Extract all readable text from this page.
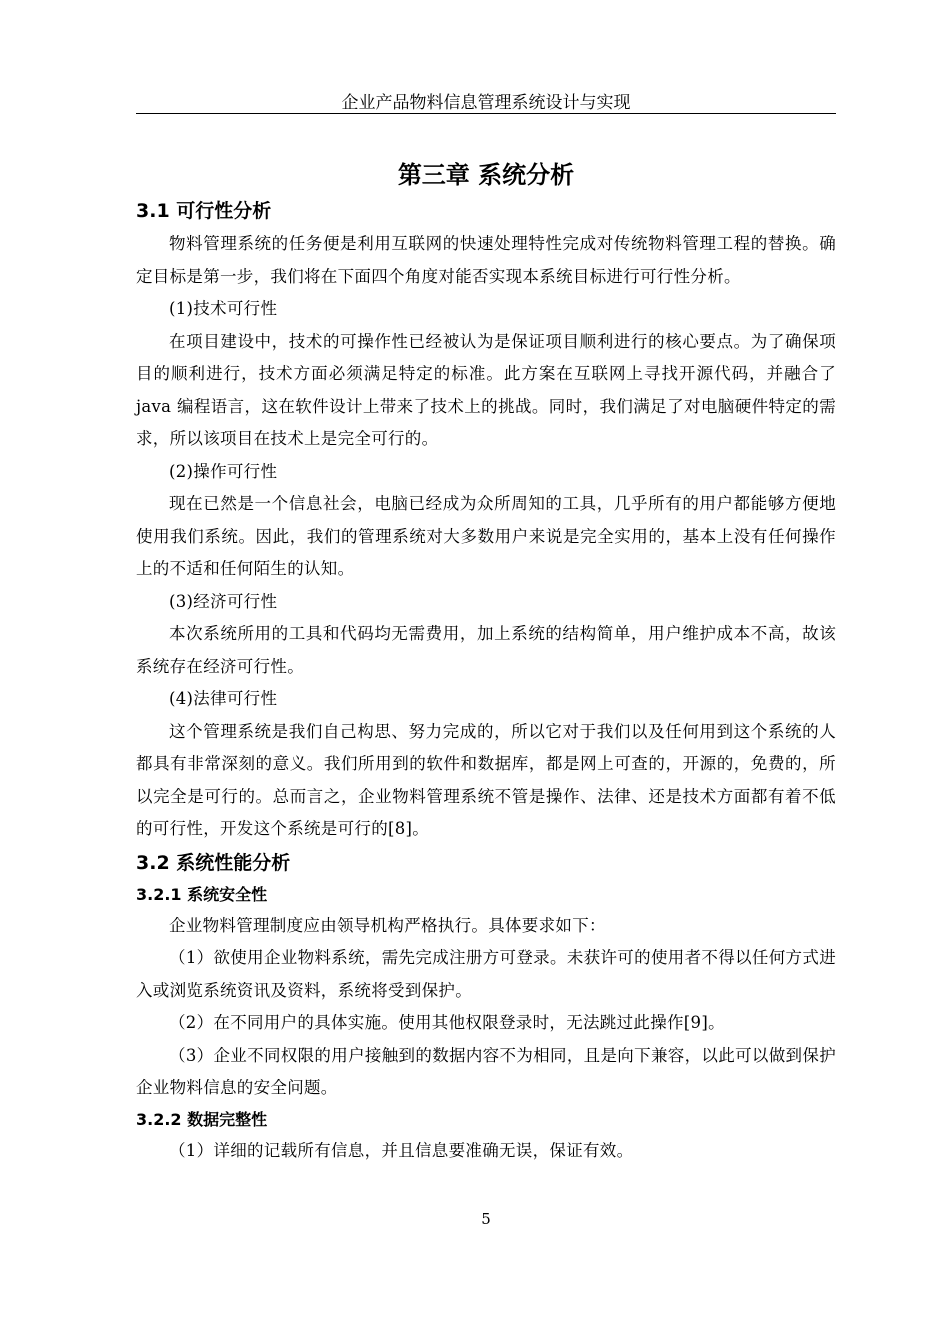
企业产品物料信息管理系统设计与实现
第三章 系统分析
3.1 可行性分析

物料管理系统的任务便是利用互联网的快速处理特性完成对传统物料管理工程的替换。确定目标是第一步，我们将在下面四个角度对能否实现本系统目标进行可行性分析。

(1)技术可行性

在项目建设中，技术的可操作性已经被认为是保证项目顺利进行的核心要点。为了确保项目的顺利进行，技术方面必须满足特定的标准。此方案在互联网上寻找开源代码，并融合了 java 编程语言，这在软件设计上带来了技术上的挑战。同时，我们满足了对电脑硬件特定的需求，所以该项目在技术上是完全可行的。

(2)操作可行性

现在已然是一个信息社会，电脑已经成为众所周知的工具，几乎所有的用户都能够方便地使用我们系统。因此，我们的管理系统对大多数用户来说是完全实用的，基本上没有任何操作上的不适和任何陌生的认知。

(3)经济可行性

本次系统所用的工具和代码均无需费用，加上系统的结构简单，用户维护成本不高，故该系统存在经济可行性。

(4)法律可行性

这个管理系统是我们自己构思、努力完成的，所以它对于我们以及任何用到这个系统的人都具有非常深刻的意义。我们所用到的软件和数据库，都是网上可查的，开源的，免费的，所以完全是可行的。总而言之，企业物料管理系统不管是操作、法律、还是技术方面都有着不低的可行性，开发这个系统是可行的[8]。

3.2 系统性能分析
3.2.1 系统安全性

企业物料管理制度应由领导机构严格执行。具体要求如下：

（1）欲使用企业物料系统，需先完成注册方可登录。未获许可的使用者不得以任何方式进入或浏览系统资讯及资料，系统将受到保护。

（2）在不同用户的具体实施。使用其他权限登录时，无法跳过此操作[9]。

（3）企业不同权限的用户接触到的数据内容不为相同，且是向下兼容，以此可以做到保护企业物料信息的安全问题。

3.2.2 数据完整性

（1）详细的记载所有信息，并且信息要准确无误，保证有效。

5
